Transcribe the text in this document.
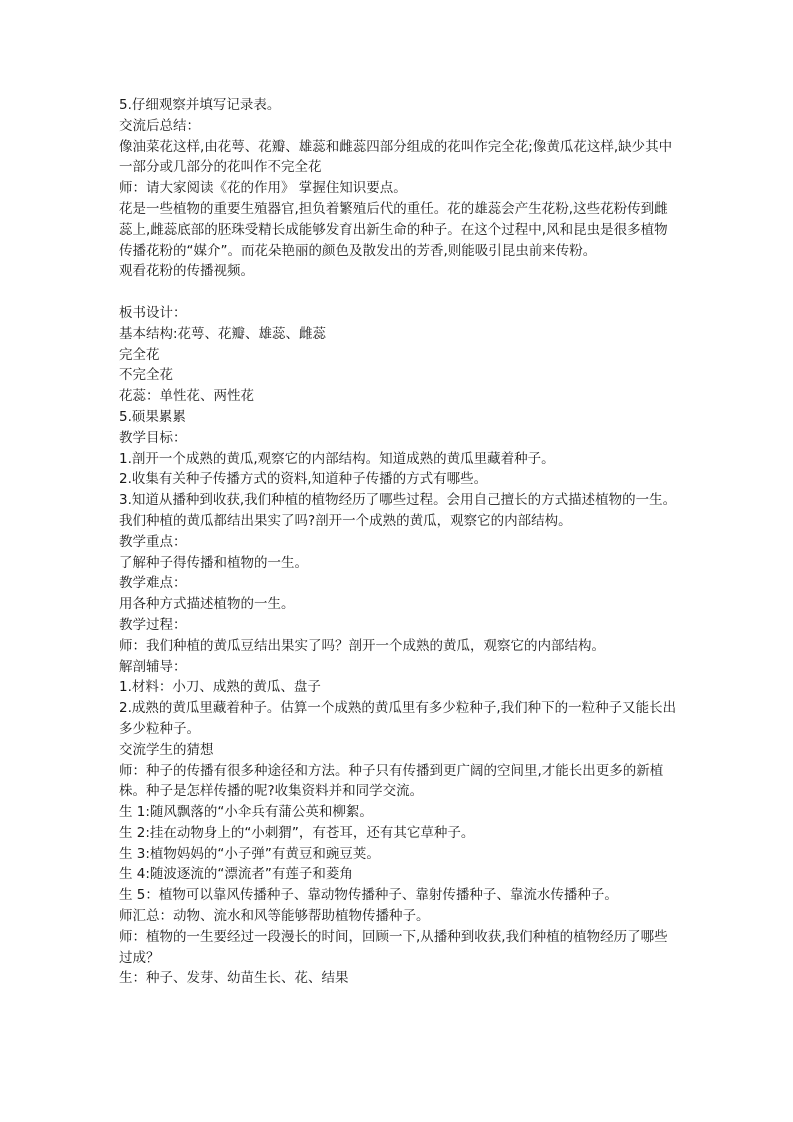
5.仔细观察并填写记录表。
交流后总结：
像油菜花这样,由花萼、花瓣、雄蕊和雌蕊四部分组成的花叫作完全花;像黄瓜花这样,缺少其中一部分或几部分的花叫作不完全花
师：请大家阅读《花的作用》 掌握住知识要点。
花是一些植物的重要生殖器官,担负着繁殖后代的重任。花的雄蕊会产生花粉,这些花粉传到雌蕊上,雌蕊底部的胚珠受精长成能够发育出新生命的种子。在这个过程中,风和昆虫是很多植物传播花粉的“媒介”。而花朵艳丽的颜色及散发出的芳香,则能吸引昆虫前来传粉。
观看花粉的传播视频。
板书设计：
基本结构:花萼、花瓣、雄蕊、雌蕊
完全花
不完全花
花蕊：单性花、两性花
5.硕果累累
教学目标：
1.剖开一个成熟的黄瓜,观察它的内部结构。知道成熟的黄瓜里藏着种子。
2.收集有关种子传播方式的资料,知道种子传播的方式有哪些。
3.知道从播种到收获,我们种植的植物经历了哪些过程。会用自己擅长的方式描述植物的一生。
我们种植的黄瓜都结出果实了吗?剖开一个成熟的黄瓜，观察它的内部结构。
教学重点：
了解种子得传播和植物的一生。
教学难点：
用各种方式描述植物的一生。
教学过程：
师：我们种植的黄瓜豆结出果实了吗？剖开一个成熟的黄瓜，观察它的内部结构。
解剖辅导：
1.材料：小刀、成熟的黄瓜、盘子
2.成熟的黄瓜里藏着种子。估算一个成熟的黄瓜里有多少粒种子,我们种下的一粒种子又能长出多少粒种子。
交流学生的猜想
师：种子的传播有很多种途径和方法。种子只有传播到更广阔的空间里,才能长出更多的新植株。种子是怎样传播的呢?收集资料并和同学交流。
生 1:随风飘落的“小伞兵有蒲公英和柳絮。
生 2:挂在动物身上的“小刺猬”，有苍耳，还有其它草种子。
生 3:植物妈妈的“小子弹”有黄豆和豌豆荚。
生 4:随波逐流的“漂流者”有莲子和菱角
生 5：植物可以靠风传播种子、靠动物传播种子、靠射传播种子、靠流水传播种子。
师汇总：动物、流水和风等能够帮助植物传播种子。
师：植物的一生要经过一段漫长的时间，回顾一下,从播种到收获,我们种植的植物经历了哪些过成？
生：种子、发芽、幼苗生长、花、结果
